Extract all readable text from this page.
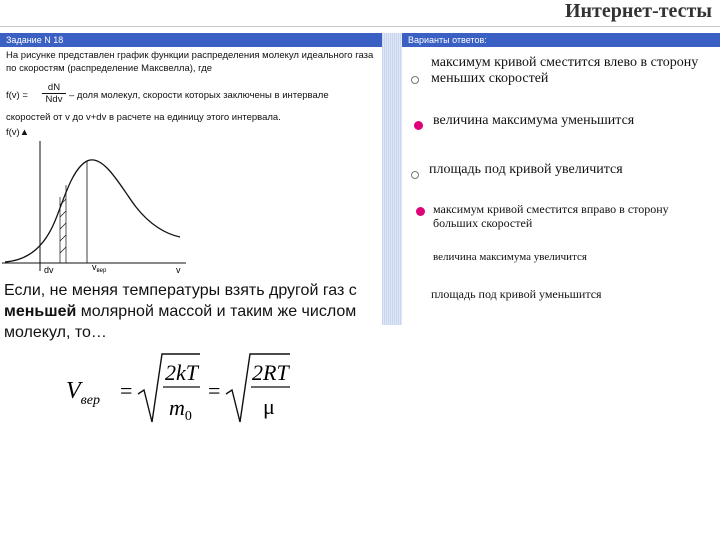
Интернет-тесты
Задание N 18

На рисунке представлен график функции распределения молекул идеального газа по скоростям (распределение Максвелла), где

f(v) =
dN
Ndv – доля молекул, скорости которых заключены в интервале
скоростей от v до v+dv в расчете на единицу этого интервала.
f(v)▲
dv	$v_{вер}$	v
Варианты ответов:
максимум кривой сместится влево в сторону
меньших скоростей
величина максимума уменьшится
площадь под кривой увеличится
максимум кривой сместится вправо в сторону
больших скоростей
величина максимума увеличится
площадь под кривой уменьшится
Если, не меняя температуры взять другой газ с меньшей молярной массой и таким же числом молекул, то…
$V_{вер}$ =
2kT
$m_0$
=
2RT
μ
